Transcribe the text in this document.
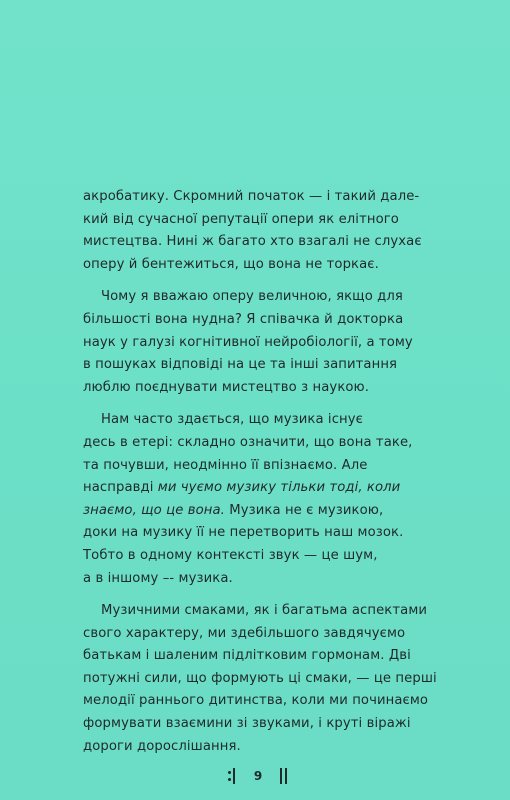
акробатику. Скромний початок — і такий дале-
кий від сучасної репутації опери як елітного
мистецтва. Нині ж багато хто взагалі не слухає
оперу й бентежиться, що вона не торкає.

Чому я вважаю оперу величною, якщо для
більшості вона нудна? Я співачка й докторка
наук у галузі когнітивної нейробіології, а тому
в пошуках відповіді на це та інші запитання
люблю поєднувати мистецтво з наукою.

Нам часто здається, що музика існує
десь в етері: складно означити, що вона таке,
та почувши, неодмінно її впізнаємо. Але
насправді ми чуємо музику тільки тоді, коли
знаємо, що це вона. Музика не є музикою,
доки на музику її не перетворить наш мозок.
Тобто в одному контексті звук — це шум,
а в іншому –- музика.

Музичними смаками, як і багатьма аспектами
свого характеру, ми здебільшого завдячуємо
батькам і шаленим підлітковим гормонам. Дві
потужні сили, що формують ці смаки, — це перші
мелодії раннього дитинства, коли ми починаємо
формувати взаємини зі звуками, і круті віражі
дороги дорослішання.

9
